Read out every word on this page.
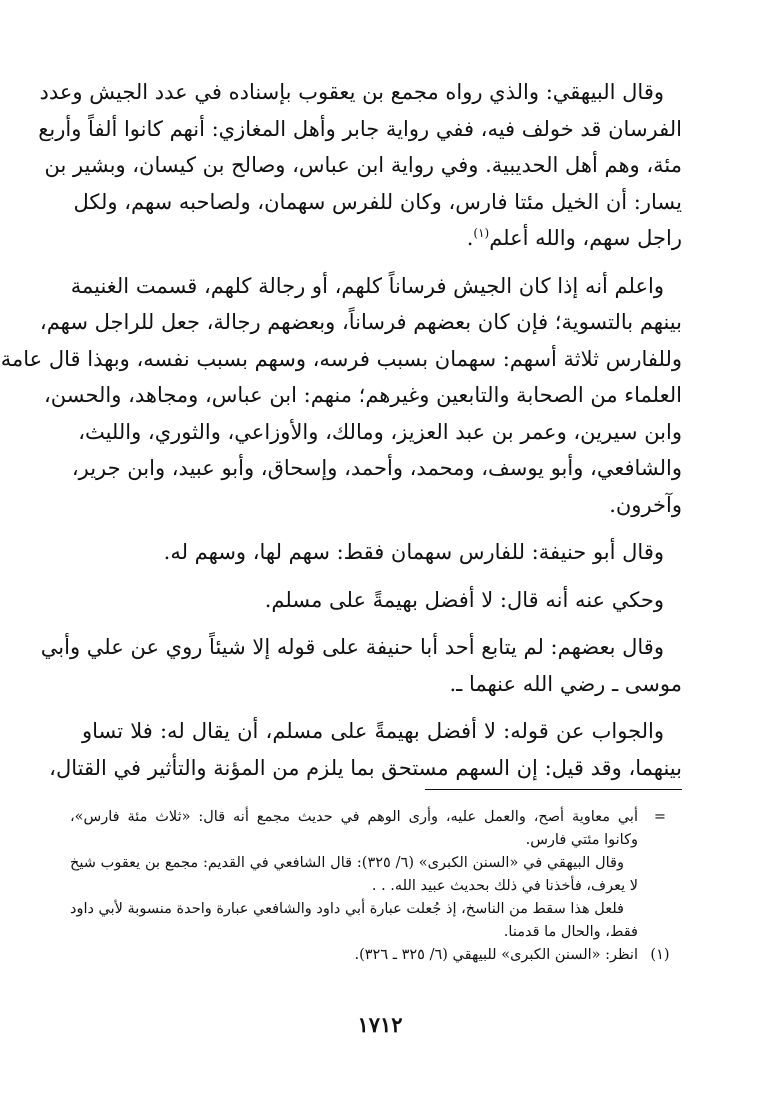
وقال البيهقي: والذي رواه مجمع بن يعقوب بإسناده في عدد الجيش وعدد
الفرسان قد خولف فيه، ففي رواية جابر وأهل المغازي: أنهم كانوا ألفاً وأربع
مئة، وهم أهل الحديبية. وفي رواية ابن عباس، وصالح بن كيسان، وبشير بن
يسار: أن الخيل مئتا فارس، وكان للفرس سهمان، ولصاحبه سهم، ولكل
راجل سهم، والله أعلم$^{(١)}$.

واعلم أنه إذا كان الجيش فرساناً كلهم، أو رجالة كلهم، قسمت الغنيمة
بينهم بالتسوية؛ فإن كان بعضهم فرساناً، وبعضهم رجالة، جعل للراجل سهم،
وللفارس ثلاثة أسهم: سهمان بسبب فرسه، وسهم بسبب نفسه، وبهذا قال عامة
العلماء من الصحابة والتابعين وغيرهم؛ منهم: ابن عباس، ومجاهد، والحسن،
وابن سيرين، وعمر بن عبد العزيز، ومالك، والأوزاعي، والثوري، والليث،
والشافعي، وأبو يوسف، ومحمد، وأحمد، وإسحاق، وأبو عبيد، وابن جرير،
وآخرون.

وقال أبو حنيفة: للفارس سهمان فقط: سهم لها، وسهم له.

وحكي عنه أنه قال: لا أفضل بهيمةً على مسلم.

وقال بعضهم: لم يتابع أحد أبا حنيفة على قوله إلا شيئاً روي عن علي وأبي
موسى ـ رضي الله عنهما ـ.

والجواب عن قوله: لا أفضل بهيمةً على مسلم، أن يقال له: فلا تساو
بينهما، وقد قيل: إن السهم مستحق بما يلزم من المؤنة والتأثير في القتال،

=
أبي معاوية أصح، والعمل عليه، وأرى الوهم في حديث مجمع أنه قال: «ثلاث مئة فارس»،
وكانوا مئتي فارس.
وقال البيهقي في «السنن الكبرى» (٦/ ٣٢٥): قال الشافعي في القديم: مجمع بن يعقوب شيخ
لا يعرف، فأخذنا في ذلك بحديث عبيد الله. . .
فلعل هذا سقط من الناسخ، إذ جُعلت عبارة أبي داود والشافعي عبارة واحدة منسوبة لأبي داود
فقط، والحال ما قدمنا.
(١)
انظر: «السنن الكبرى» للبيهقي (٦/ ٣٢٥ ـ ٣٢٦).
١٧١٢
